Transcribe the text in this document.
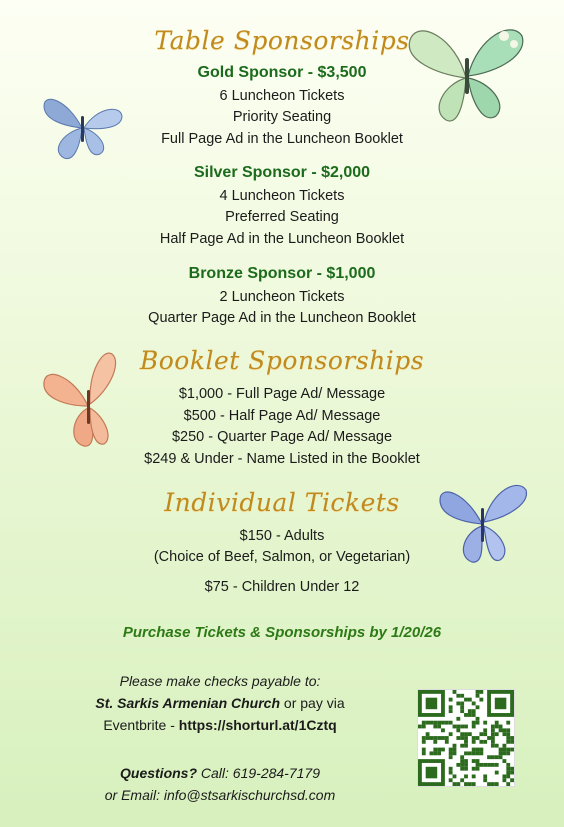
Table Sponsorships
Gold Sponsor - $3,500
6 Luncheon Tickets
Priority Seating
Full Page Ad in the Luncheon Booklet
Silver Sponsor - $2,000
4 Luncheon Tickets
Preferred Seating
Half Page Ad in the Luncheon Booklet
Bronze Sponsor - $1,000
2 Luncheon Tickets
Quarter Page Ad in the Luncheon Booklet
Booklet Sponsorships
$1,000 - Full Page Ad/ Message
$500 - Half Page Ad/ Message
$250 - Quarter Page Ad/ Message
$249 & Under - Name Listed in the Booklet
Individual Tickets
$150 - Adults
(Choice of Beef, Salmon, or Vegetarian)
$75 - Children Under 12
Purchase Tickets & Sponsorships by 1/20/26
Please make checks payable to:
St. Sarkis Armenian Church or pay via
Eventbrite - https://shorturl.at/1Cztq
Questions? Call: 619-284-7179
or Email: info@stsarkischurchsd.com
